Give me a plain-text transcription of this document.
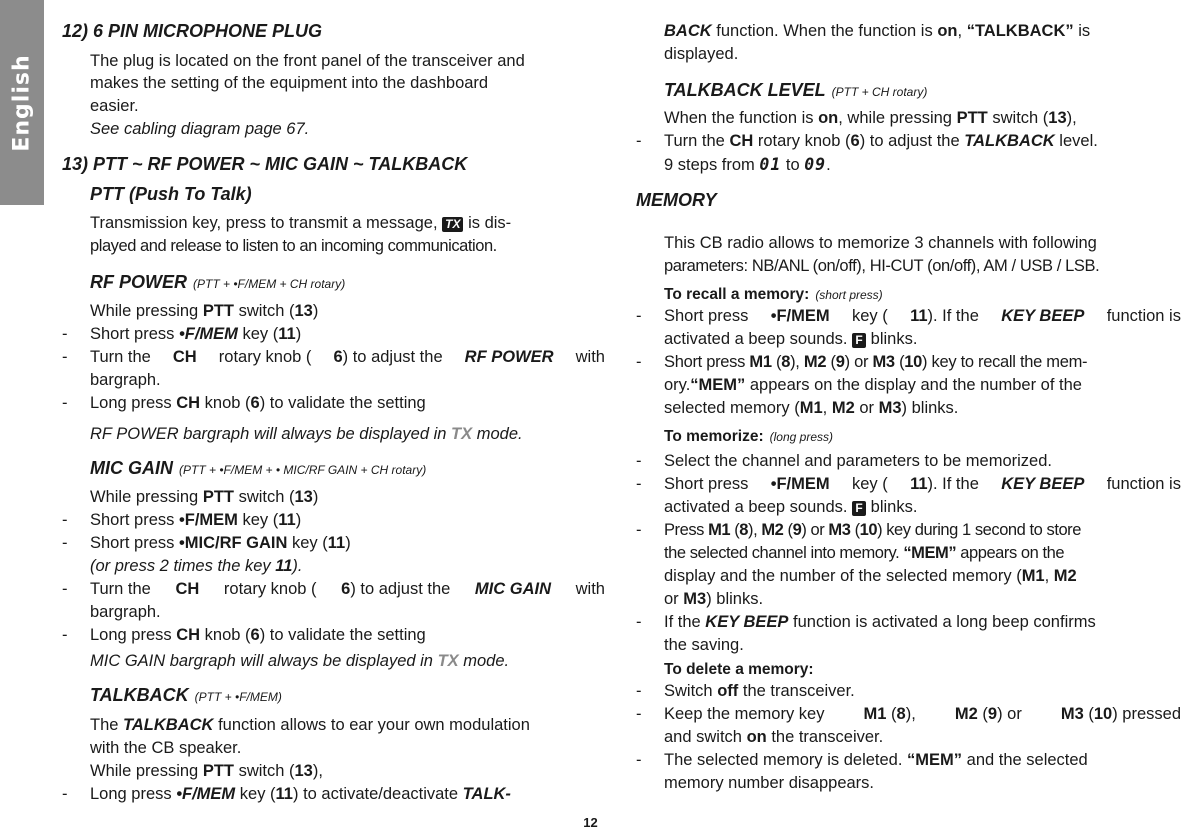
English
12) 6 PIN MICROPHONE PLUG
The plug is located on the front panel of the transceiver and
makes the setting of the equipment into the dashboard
easier.
See cabling diagram page 67.
13) PTT ~ RF POWER ~ MIC GAIN ~ TALKBACK
PTT (Push To Talk)
Transmission key, press to transmit a message, TX is dis-
played and release to listen to an incoming communication.
RF POWER (PTT + •F/MEM + CH rotary)
While pressing PTT switch (13)
-	Short press •F/MEM key (11)
-	Turn the CH rotary knob ( 6) to adjust the RF POWER with
bargraph.
-	Long press CH knob (6) to validate the setting
RF POWER bargraph will always be displayed in TX mode.
MIC GAIN (PTT + •F/MEM + • MIC/RF GAIN + CH rotary)
While pressing PTT switch (13)
-	Short press •F/MEM key (11)
-	Short press •MIC/RF GAIN key (11)
(or press 2 times the key 11).
-	Turn the CH rotary knob ( 6) to adjust the MIC GAIN with
bargraph.
-	Long press CH knob (6) to validate the setting
MIC GAIN bargraph will always be displayed in TX mode.
TALKBACK (PTT + •F/MEM)
The TALKBACK function allows to ear your own modulation
with the CB speaker.
While pressing PTT switch (13),
-	Long press •F/MEM key (11) to activate/deactivate TALK-
BACK function. When the function is on, “TALKBACK” is
displayed.
TALKBACK LEVEL (PTT + CH rotary)
When the function is on, while pressing PTT switch (13),
-	Turn the CH rotary knob (6) to adjust the TALKBACK level.
9 steps from 01 to 09.
MEMORY
This CB radio allows to memorize 3 channels with following
parameters: NB/ANL (on/off), HI-CUT (on/off), AM / USB / LSB.
To recall a memory: (short press)
-	Short press •F/MEM key ( 11). If the KEY BEEP function is
activated a beep sounds. F blinks.
-	Short press M1 (8), M2 (9) or M3 (10) key to recall the mem-
ory.“MEM” appears on the display and the number of the
selected memory (M1, M2 or M3) blinks.
To memorize: (long press)
-	Select the channel and parameters to be memorized.
-	Short press •F/MEM key ( 11). If the KEY BEEP function is
activated a beep sounds. F blinks.
-	Press M1 (8), M2 (9) or M3 (10) key during 1 second to store
the selected channel into memory. “MEM” appears on the
display and the number of the selected memory (M1, M2
or M3) blinks.
-	If the KEY BEEP function is activated a long beep confirms
the saving.
To delete a memory:
-	Switch off the transceiver.
-	Keep the memory key M1 (8), M2 (9) or M3 (10) pressed
and switch on the transceiver.
-	The selected memory is deleted. “MEM” and the selected
memory number disappears.
12
